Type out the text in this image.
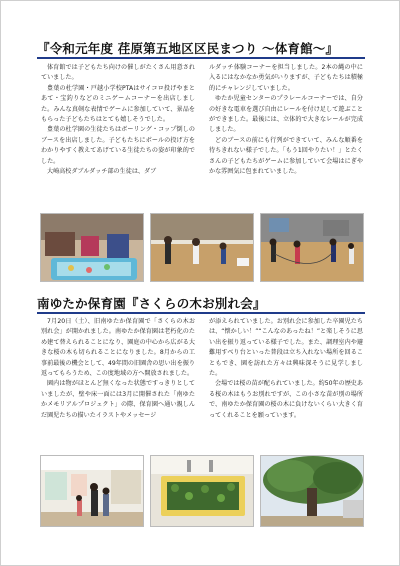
『令和元年度 荏原第五地区区民まつり ～体育館～』

体育館では子どもたち向けの催しがたくさん用意されていました。

豊葉の杜学園・戸越小学校PTAはサイコロ投げやまとあて・宝釣りなどのミニゲームコーナーを出店しました。みんな真剣な表情でゲームに参加していて、景品をもらった子どもたちはとても嬉しそうでした。

豊葉の杜学園の生徒たちはボーリング・コップ倒しのブースを出店しました。子どもたちにボールの投げ方をわかりやすく教えてあげている生徒たちの姿が印象的でした。

大崎高校ダブルダッチ部の生徒は、ダブ

ルダッチ体験コーナーを担当しました。2本の縄の中に入るにはなかなか勇気がいりますが、子どもたちは積極的にチャレンジしていました。

ゆたか児童センターのプラレールコーナーでは、自分の好きな電車を選び自由にレールを付け足して遊ぶことができました。最後には、立体的で大きなレールが完成しました。

どのブースの前にも行列ができていて、みんな順番を待ちきれない様子でした。「もう1回やりたい！」とたくさんの子どもたちがゲームに参加していて会場はにぎやかな雰囲気に包まれていました。

南ゆたか保育園『さくらの木お別れ会』

7月20日（土）、旧南ゆたか保育園で「さくらの木お別れ会」が開かれました。南ゆたか保育園は老朽化のため建て替えられることになり、園庭の中心から広がる大きな桜の木も切られることになりました。8月からの工事前最後の機会として、49年間の旧園舎の思い出を振り返ってもらうため、この度地域の方へ開放されました。

園内は物がほとんど無くなった状態ですっきりとしていましたが、壁や床一面には3月に開催された「南ゆたかメモリアルプロジェクト」の際、保育園へ通い親しんだ園児たちの描いたイラストやメッセージ

が添えられていました。お別れ会に参加した卒園児たちは、“懐かしい！”“こんなのあったね！”と楽しそうに思い出を振り返っている様子でした。また、調理室内や避難用すべり台といった普段は立ち入れない場所を回ることもでき、園を訪れた方々は興味深そうに見学しました。

会場では桜の苗が配られていました。約50年の歴史ある桜の木はもうお別れですが、この小さな苗が別の場所で、南ゆたか保育園の桜の木に負けないくらい大きく育ってくれることを願っています。
